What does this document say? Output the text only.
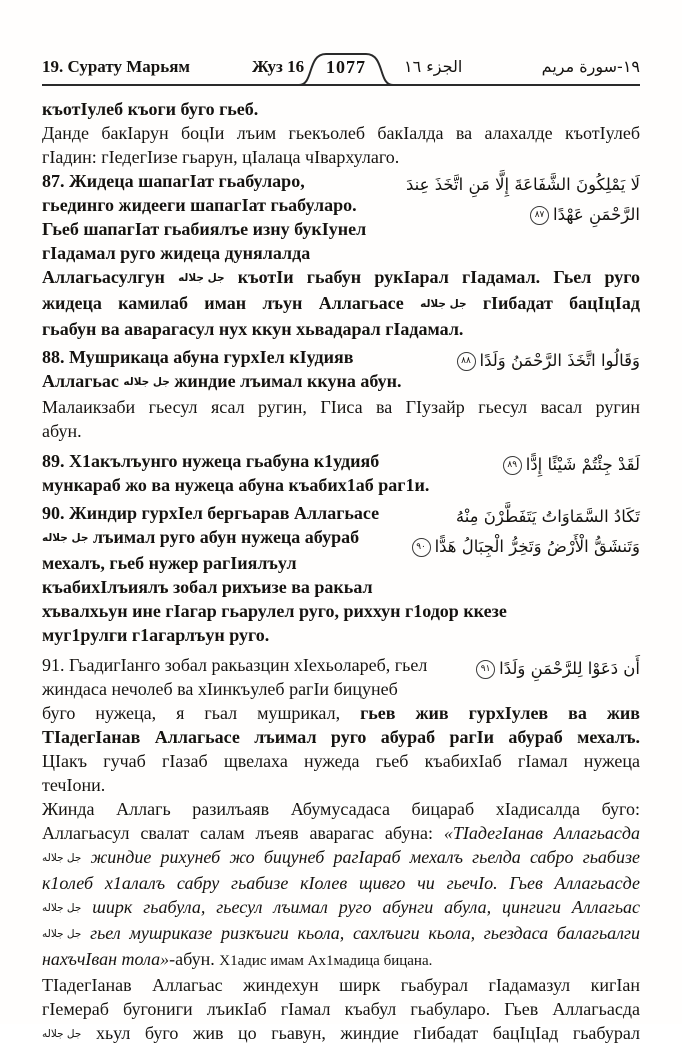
19. Сурату Марьям	Жуз 16	1077	الجزء ١٦	١٩-سورة مريم
къотIулеб къоги буго гьеб.
Данде бакIарун боцIи лъим гьекъолеб бакIалда ва алахалде къотIулеб
гIадин: гIедегIизе гьарун, цIалаца чIвархулаго.
لَا يَمْلِكُونَ الشَّفَاعَةَ إِلَّا مَنِ اتَّخَذَ عِندَ
الرَّحْمَنِ عَهْدًا٨٧
87. Жидеца шапагIат гьабуларо,
гьединго жидееги шапагIат гьабуларо.
Гьеб шапагIат гьабиялъе изну букIунел
гIадамал руго жидеца дунялалда
Аллагьасулгун جل جلاله къотIи гьабун рукIарал гIадамал. Гьел руго
жидеца камилаб иман лъун Аллагьасе جل جلاله гIибадат бацIцIад
гьабун ва аварагасул нух ккун хьвадарал гIадамал.
وَقَالُوا اتَّخَذَ الرَّحْمَنُ وَلَدًا٨٨
88. Мушрикаца абуна гурхIел кIудияв
Аллагьас جل جلاله жиндие лъимал ккуна абун.
Малаикзаби гьесул ясал ругин, ГIиса ва ГIузайр гьесул васал ругин
абун.
لَقَدْ جِئْتُمْ شَيْئًا إِدًّا٨٩
89. Х1акълъунго нужеца гьабуна к1удияб
мункараб жо ва нужеца абуна къабих1аб раг1и.
تَكَادُ السَّمَاوَاتُ يَتَفَطَّرْنَ مِنْهُ
وَتَنشَقُّ الْأَرْضُ وَتَخِرُّ الْجِبَالُ هَدًّا٩٠
90. Жиндир гурхIел бергьарав Аллагьасе
جل جلاله лъимал руго абун нужеца абураб
мехалъ, гьеб нужер рагIиялъул
къабихIлъиялъ зобал рихъизе ва ракьал
хъвалхьун ине гIагар гьарулел руго, риххун г1одор ккезе
муг1рулги г1агарлъун руго.
أَن دَعَوْا لِلرَّحْمَنِ وَلَدًا٩١
91. ГьадигIанго зобал ракьазцин хIехьолареб, гьел
жиндаса нечолеб ва хIинкъулеб рагIи бицунеб
буго нужеца, я гьал мушрикал, гьев жив гурхIулев ва жив
ТIадегIанав Аллагьасе лъимал руго абураб рагIи абураб мехалъ.
ЦIакъ гучаб гIазаб щвелаха нужеда гьеб къабихIаб гIамал нужеца
течIони.
Жинда Аллагь разилъаяв Абумусадаса бицараб хIадисалда буго:
Аллагьасул свалат салам лъеяв аварагас абуна: «ТIадегIанав Аллагьасда
جل جلاله жиндие рихунеб жо бицунеб рагIараб мехалъ гьелда сабро гьабизе
к1олеб х1алалъ сабру гьабизе кIолев щивго чи гьечIо. Гьев Аллагьасде
جل جلاله ширк гьабула, гьесул лъимал руго абунги абула, цингиги Аллагьас
جل جلاله гьел мушриказе ризкъиги кьола, сахлъиги кьола, гьездаса балагьалги
нахъчIван тола»-абун. Х1адис имам Ах1мадица бицана.
ТIадегIанав Аллагьас жиндехун ширк гьабурал гIадамазул кигIан
гIемераб бугониги лъикIаб гIамал къабул гьабуларо. Гьев Аллагьасда
جل جلاله хьул буго жив цо гьавун, жиндие гIибадат бацIцIад гьабурал
